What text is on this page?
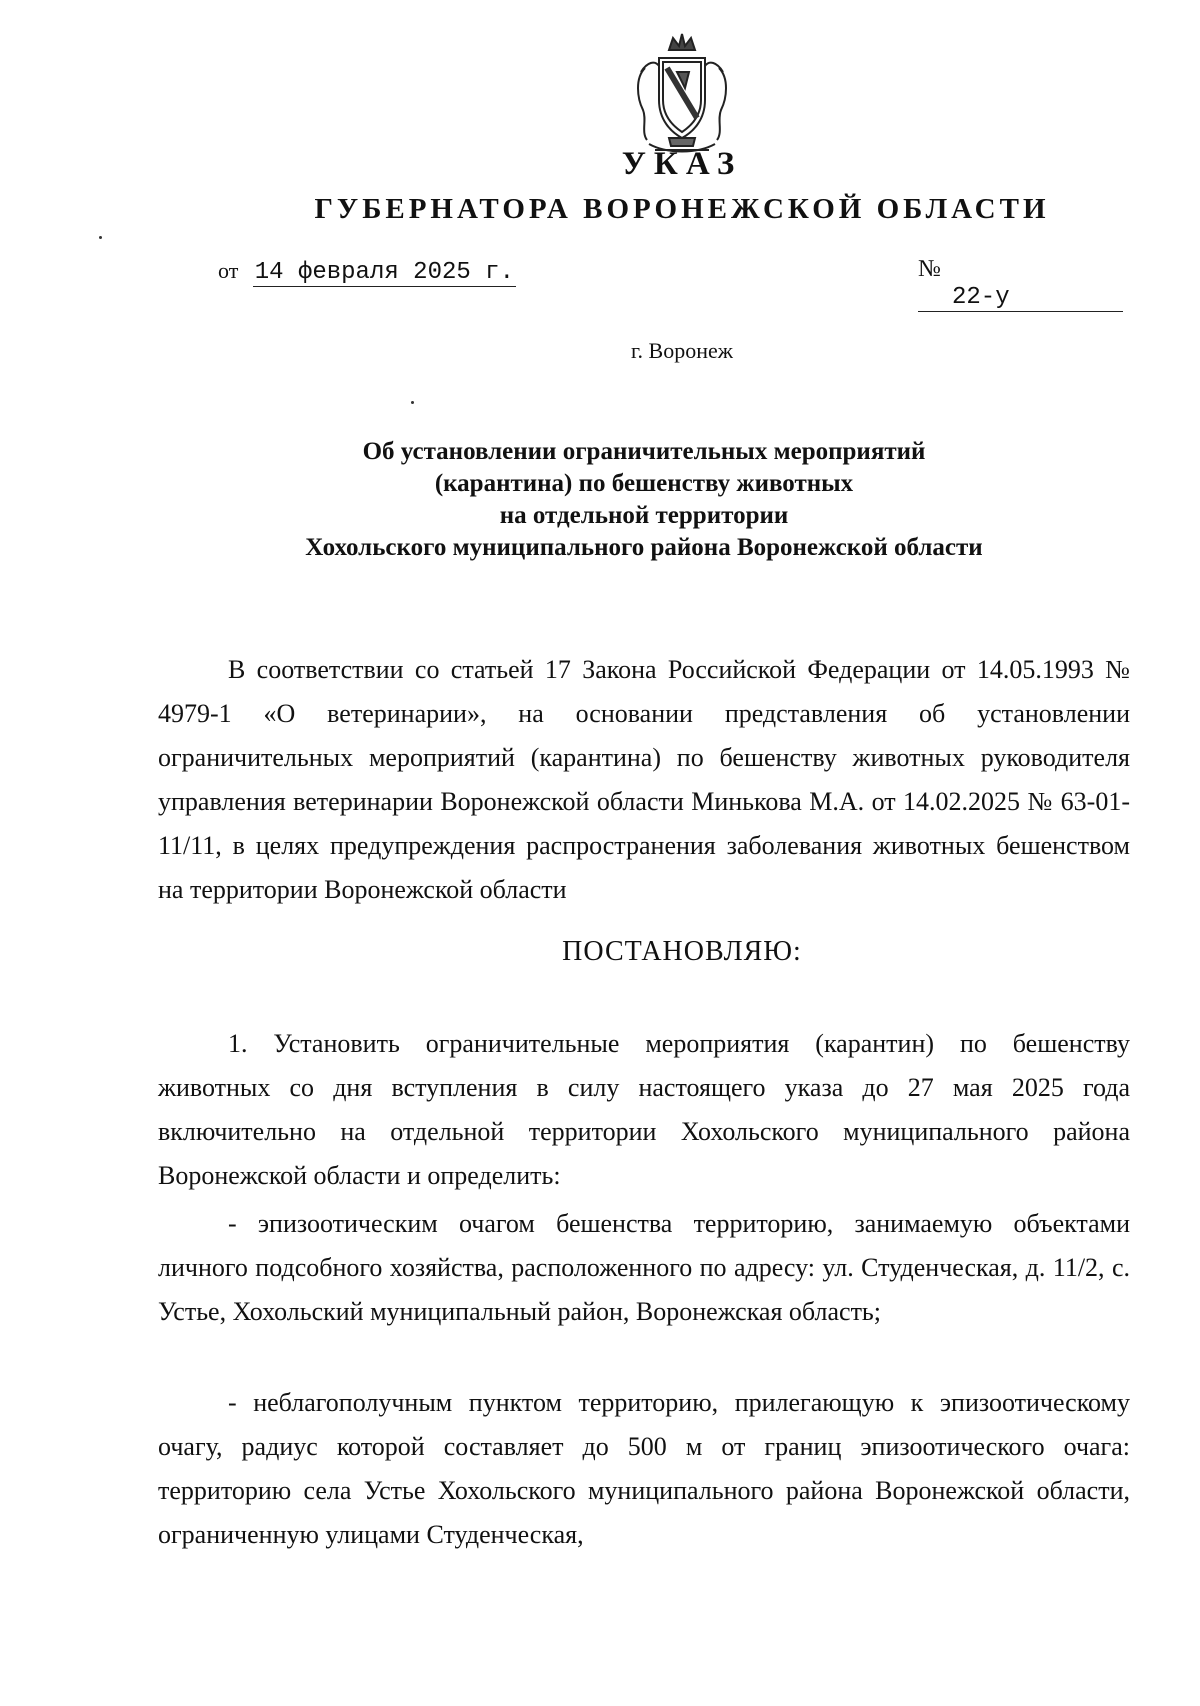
УКАЗ
ГУБЕРНАТОРА ВОРОНЕЖСКОЙ ОБЛАСТИ
от 14 февраля 2025 г.	№ 22-у
г. Воронеж
Об установлении ограничительных мероприятий
(карантина) по бешенству животных
на отдельной территории
Хохольского муниципального района Воронежской области
В соответствии со статьей 17 Закона Российской Федерации от 14.05.1993 № 4979-1 «О ветеринарии», на основании представления об установлении ограничительных мероприятий (карантина) по бешенству животных руководителя управления ветеринарии Воронежской области Минькова М.А. от 14.02.2025 № 63-01-11/11, в целях предупреждения распространения заболевания животных бешенством на территории Воронежской области
ПОСТАНОВЛЯЮ:
1. Установить ограничительные мероприятия (карантин) по бешенству животных со дня вступления в силу настоящего указа до 27 мая 2025 года включительно на отдельной территории Хохольского муниципального района Воронежской области и определить:
- эпизоотическим очагом бешенства территорию, занимаемую объектами личного подсобного хозяйства, расположенного по адресу: ул. Студенческая, д. 11/2, с. Устье, Хохольский муниципальный район, Воронежская область;
- неблагополучным пунктом территорию, прилегающую к эпизоотическому очагу, радиус которой составляет до 500 м от границ эпизоотического очага: территорию села Устье Хохольского муниципального района Воронежской области, ограниченную улицами Студенческая,
